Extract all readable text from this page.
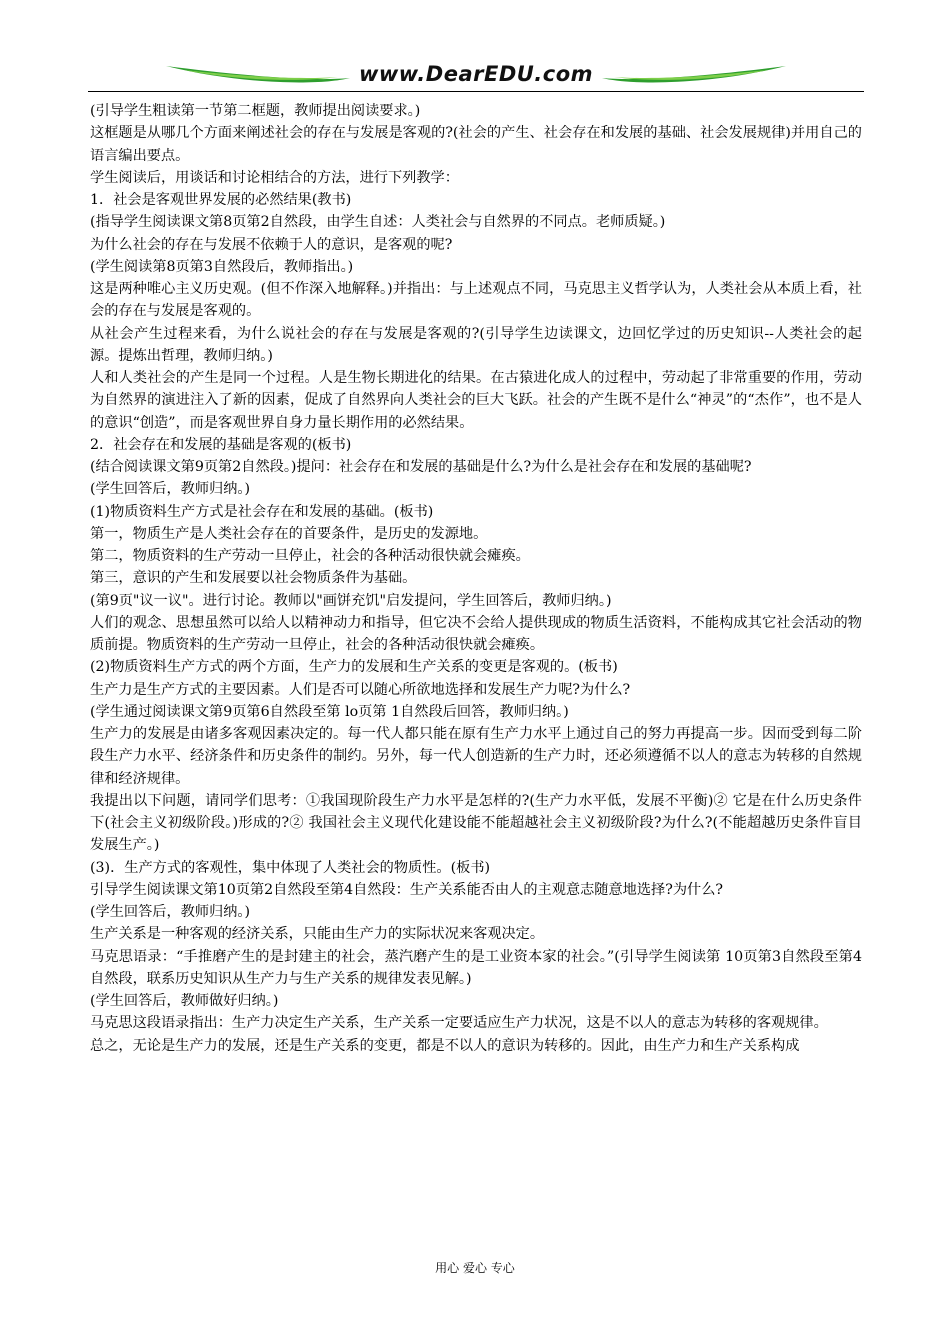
www.DearEDU.com

(引导学生粗读第一节第二框题，教师提出阅读要求。)

这框题是从哪几个方面来阐述社会的存在与发展是客观的?(社会的产生、社会存在和发展的基础、社会发展规律)并用自己的语言编出要点。

学生阅读后，用谈话和讨论相结合的方法，进行下列教学：

1．社会是客观世界发展的必然结果(教书)

(指导学生阅读课文第8页第2自然段，由学生自述：人类社会与自然界的不同点。老师质疑。)

为什么社会的存在与发展不依赖于人的意识，是客观的呢?

(学生阅读第8页第3自然段后，教师指出。)

这是两种唯心主义历史观。(但不作深入地解释。)并指出：与上述观点不同，马克思主义哲学认为，人类社会从本质上看，社会的存在与发展是客观的。

从社会产生过程来看，为什么说社会的存在与发展是客观的?(引导学生边读课文，边回忆学过的历史知识--人类社会的起源。提炼出哲理，教师归纳。)

人和人类社会的产生是同一个过程。人是生物长期进化的结果。在古猿进化成人的过程中，劳动起了非常重要的作用，劳动为自然界的演进注入了新的因素，促成了自然界向人类社会的巨大飞跃。社会的产生既不是什么“神灵”的“杰作”，也不是人的意识“创造”，而是客观世界自身力量长期作用的必然结果。

2．社会存在和发展的基础是客观的(板书)

(结合阅读课文第9页第2自然段。)提问：社会存在和发展的基础是什么?为什么是社会存在和发展的基础呢?

(学生回答后，教师归纳。)

(1)物质资料生产方式是社会存在和发展的基础。(板书)

第一，物质生产是人类社会存在的首要条件，是历史的发源地。

第二，物质资料的生产劳动一旦停止，社会的各种活动很快就会瘫痪。

第三，意识的产生和发展要以社会物质条件为基础。

(第9页"议一议"。进行讨论。教师以"画饼充饥"启发提问，学生回答后，教师归纳。)

人们的观念、思想虽然可以给人以精神动力和指导，但它决不会给人提供现成的物质生活资料，不能构成其它社会活动的物质前提。物质资料的生产劳动一旦停止，社会的各种活动很快就会瘫痪。

(2)物质资料生产方式的两个方面，生产力的发展和生产关系的变更是客观的。(板书)

生产力是生产方式的主要因素。人们是否可以随心所欲地选择和发展生产力呢?为什么?

(学生通过阅读课文第9页第6自然段至第 lo页第 1自然段后回答，教师归纳。)

生产力的发展是由诸多客观因素决定的。每一代人都只能在原有生产力水平上通过自己的努力再提高一步。因而受到每二阶段生产力水平、经济条件和历史条件的制约。另外，每一代人创造新的生产力时，还必须遵循不以人的意志为转移的自然规律和经济规律。

我提出以下问题，请同学们思考：①我国现阶段生产力水平是怎样的?(生产力水平低，发展不平衡)② 它是在什么历史条件下(社会主义初级阶段。)形成的?② 我国社会主义现代化建设能不能超越社会主义初级阶段?为什么?(不能超越历史条件盲目发展生产。)

(3)．生产方式的客观性，集中体现了人类社会的物质性。(板书)

引导学生阅读课文第10页第2自然段至第4自然段：生产关系能否由人的主观意志随意地选择?为什么?

(学生回答后，教师归纳。)

生产关系是一种客观的经济关系，只能由生产力的实际状况来客观决定。

马克思语录：“手推磨产生的是封建主的社会，蒸汽磨产生的是工业资本家的社会。”(引导学生阅读第 10页第3自然段至第4自然段，联系历史知识从生产力与生产关系的规律发表见解。)

(学生回答后，教师做好归纳。)

马克思这段语录指出：生产力决定生产关系，生产关系一定要适应生产力状况，这是不以人的意志为转移的客观规律。

总之，无论是生产力的发展，还是生产关系的变更，都是不以人的意识为转移的。因此，由生产力和生产关系构成

用心 爱心 专心
